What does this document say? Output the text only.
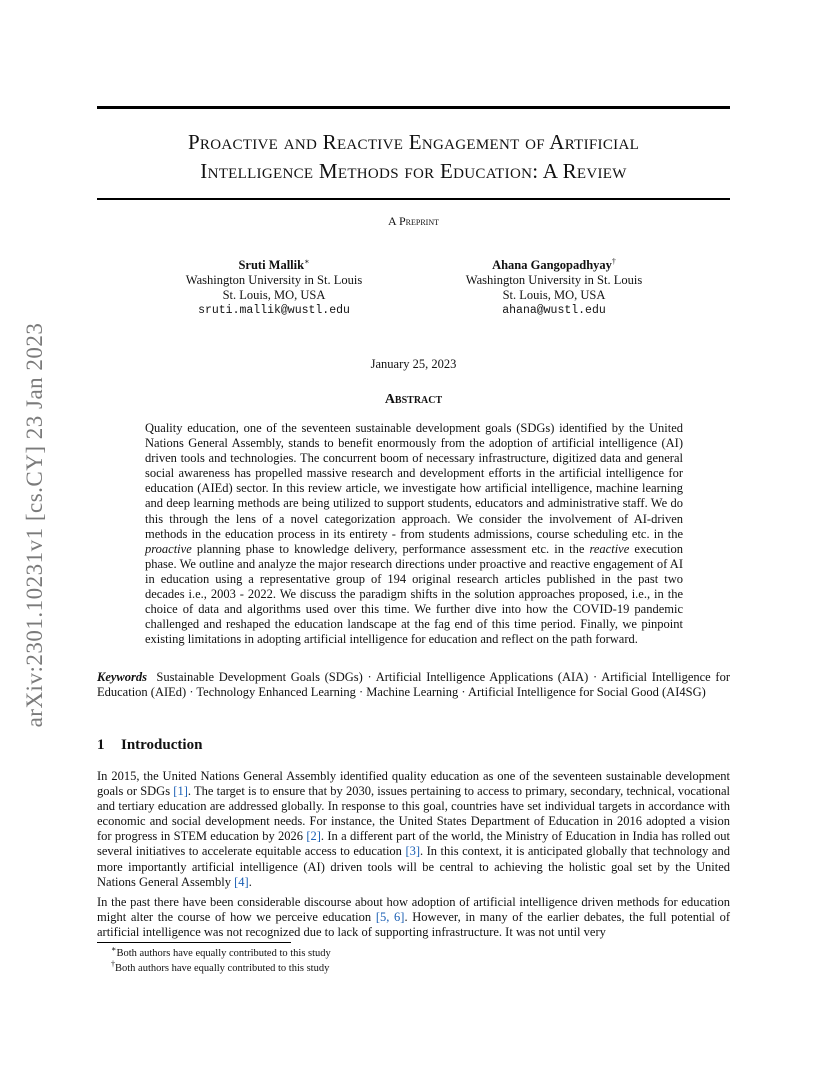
arXiv:2301.10231v1 [cs.CY] 23 Jan 2023
Proactive and Reactive Engagement of Artificial
Intelligence Methods for Education: A Review
A Preprint
Sruti Mallik∗
Washington University in St. Louis
St. Louis, MO, USA
sruti.mallik@wustl.edu
Ahana Gangopadhyay†
Washington University in St. Louis
St. Louis, MO, USA
ahana@wustl.edu
January 25, 2023
Abstract
Quality education, one of the seventeen sustainable development goals (SDGs) identified by the United Nations General Assembly, stands to benefit enormously from the adoption of artificial intelligence (AI) driven tools and technologies. The concurrent boom of necessary infrastructure, digitized data and general social awareness has propelled massive research and development efforts in the artificial intelligence for education (AIEd) sector. In this review article, we investigate how artificial intelligence, machine learning and deep learning methods are being utilized to support students, educators and administrative staff. We do this through the lens of a novel categorization approach. We consider the involvement of AI-driven methods in the education process in its entirety - from students admissions, course scheduling etc. in the proactive planning phase to knowledge delivery, performance assessment etc. in the reactive execution phase. We outline and analyze the major research directions under proactive and reactive engagement of AI in education using a representative group of 194 original research articles published in the past two decades i.e., 2003 - 2022. We discuss the paradigm shifts in the solution approaches proposed, i.e., in the choice of data and algorithms used over this time. We further dive into how the COVID-19 pandemic challenged and reshaped the education landscape at the fag end of this time period. Finally, we pinpoint existing limitations in adopting artificial intelligence for education and reflect on the path forward.
Keywords Sustainable Development Goals (SDGs) · Artificial Intelligence Applications (AIA) · Artificial Intelligence for Education (AIEd) · Technology Enhanced Learning · Machine Learning · Artificial Intelligence for Social Good (AI4SG)
1 Introduction
In 2015, the United Nations General Assembly identified quality education as one of the seventeen sustainable development goals or SDGs [1]. The target is to ensure that by 2030, issues pertaining to access to primary, secondary, technical, vocational and tertiary education are addressed globally. In response to this goal, countries have set individual targets in accordance with economic and social development needs. For instance, the United States Department of Education in 2016 adopted a vision for progress in STEM education by 2026 [2]. In a different part of the world, the Ministry of Education in India has rolled out several initiatives to accelerate equitable access to education [3]. In this context, it is anticipated globally that technology and more importantly artificial intelligence (AI) driven tools will be central to achieving the holistic goal set by the United Nations General Assembly [4].
In the past there have been considerable discourse about how adoption of artificial intelligence driven methods for education might alter the course of how we perceive education [5, 6]. However, in many of the earlier debates, the full potential of artificial intelligence was not recognized due to lack of supporting infrastructure. It was not until very
∗Both authors have equally contributed to this study
†Both authors have equally contributed to this study
